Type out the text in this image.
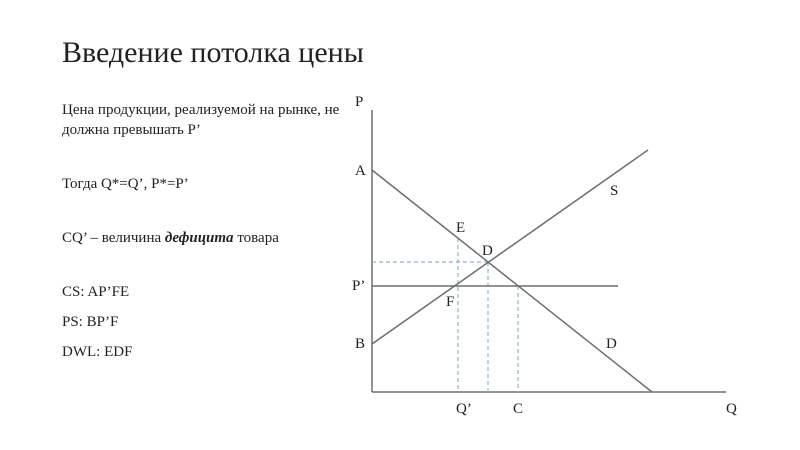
Введение потолка цены

Цена продукции, реализуемой на рынке, не должна превышать P’

Тогда Q*=Q’, P*=P’

CQ’ – величина дефицита товара

CS: AP’FE

PS: BP’F

DWL: EDF

P
Q
A
B
P’
E
D
F
S
D
Q’	C
